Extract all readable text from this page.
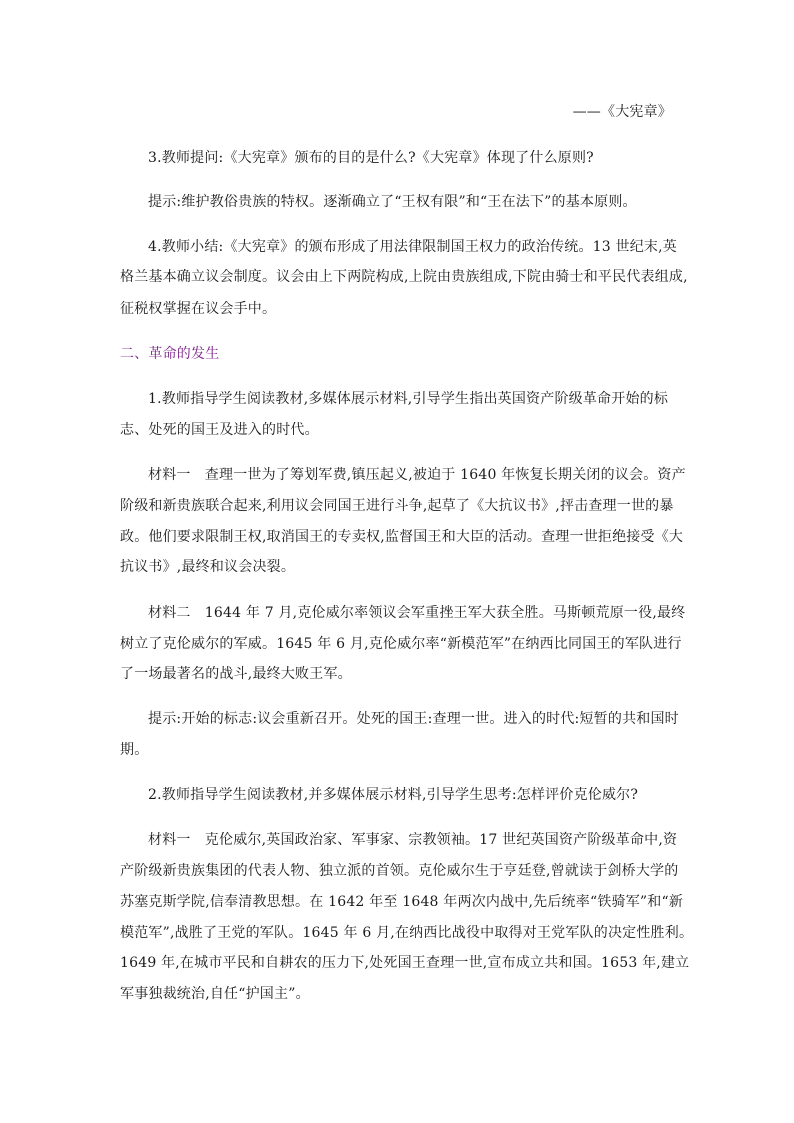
——《大宪章》
3.教师提问:《大宪章》颁布的目的是什么?《大宪章》体现了什么原则?
提示:维护教俗贵族的特权。逐渐确立了“王权有限”和“王在法下”的基本原则。
4.教师小结:《大宪章》的颁布形成了用法律限制国王权力的政治传统。13 世纪末,英
格兰基本确立议会制度。议会由上下两院构成,上院由贵族组成,下院由骑士和平民代表组成,
征税权掌握在议会手中。
二、革命的发生
1.教师指导学生阅读教材,多媒体展示材料,引导学生指出英国资产阶级革命开始的标
志、处死的国王及进入的时代。
材料一　查理一世为了筹划军费,镇压起义,被迫于 1640 年恢复长期关闭的议会。资产
阶级和新贵族联合起来,利用议会同国王进行斗争,起草了《大抗议书》,抨击查理一世的暴
政。他们要求限制王权,取消国王的专卖权,监督国王和大臣的活动。查理一世拒绝接受《大
抗议书》,最终和议会决裂。
材料二　1644 年 7 月,克伦威尔率领议会军重挫王军大获全胜。马斯顿荒原一役,最终
树立了克伦威尔的军威。1645 年 6 月,克伦威尔率“新模范军”在纳西比同国王的军队进行
了一场最著名的战斗,最终大败王军。
提示:开始的标志:议会重新召开。处死的国王:查理一世。进入的时代:短暂的共和国时
期。
2.教师指导学生阅读教材,并多媒体展示材料,引导学生思考:怎样评价克伦威尔?
材料一　克伦威尔,英国政治家、军事家、宗教领袖。17 世纪英国资产阶级革命中,资
产阶级新贵族集团的代表人物、独立派的首领。克伦威尔生于亨廷登,曾就读于剑桥大学的
苏塞克斯学院,信奉清教思想。在 1642 年至 1648 年两次内战中,先后统率“铁骑军”和“新
模范军”,战胜了王党的军队。1645 年 6 月,在纳西比战役中取得对王党军队的决定性胜利。
1649 年,在城市平民和自耕农的压力下,处死国王查理一世,宣布成立共和国。1653 年,建立
军事独裁统治,自任“护国主”。
